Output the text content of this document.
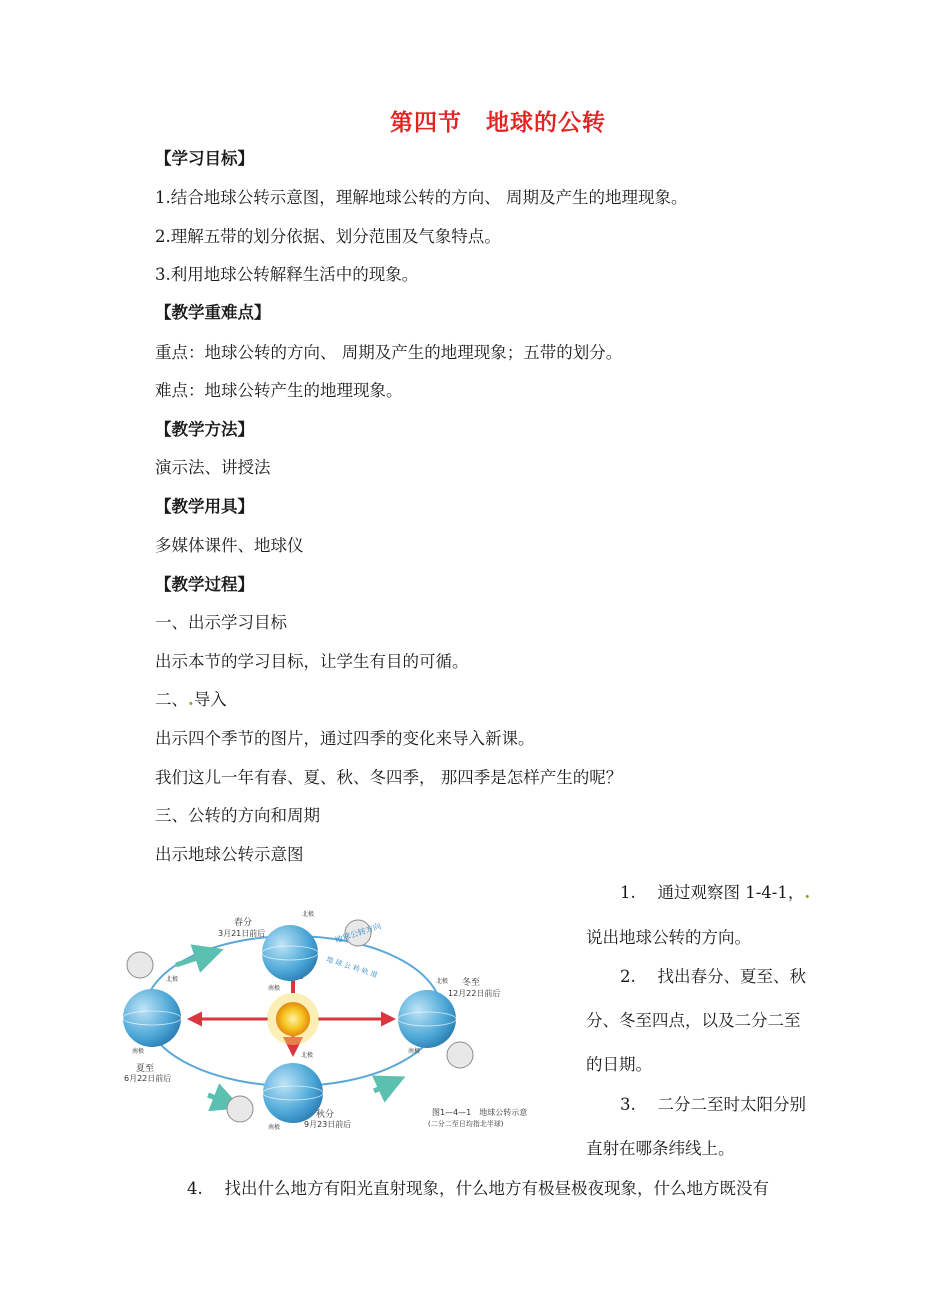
第四节　地球的公转
【学习目标】
1.结合地球公转示意图，理解地球公转的方向、 周期及产生的地理现象。
2.理解五带的划分依据、划分范围及气象特点。
3.利用地球公转解释生活中的现象。
【教学重难点】
重点：地球公转的方向、 周期及产生的地理现象；五带的划分。
难点：地球公转产生的地理现象。
【教学方法】
演示法、讲授法
【教学用具】
多媒体课件、地球仪
【教学过程】
一、出示学习目标
出示本节的学习目标，让学生有目的可循。
二、.导入
出示四个季节的图片，通过四季的变化来导入新课。
我们这儿一年有春、夏、秋、冬四季， 那四季是怎样产生的呢？
三、公转的方向和周期
出示地球公转示意图
1.　 通过观察图 1-4-1，.
说出地球公转的方向。
2.　 找出春分、夏至、秋
分、冬至四点，以及二分二至
的日期。
3.　 二分二至时太阳分别
直射在哪条纬线上。
4.　 找出什么地方有阳光直射现象，什么地方有极昼极夜现象，什么地方既没有
春分
3月21日前后
夏至
6月22日前后
秋分
9月23日前后
冬至
12月22日前后
北极
南极
北极
南极
北极
南极
北极
南极
地球公转方向
地 球 公 转 轨 道
图1—4—1　地球公转示意
(二分二至日均指北半球)
